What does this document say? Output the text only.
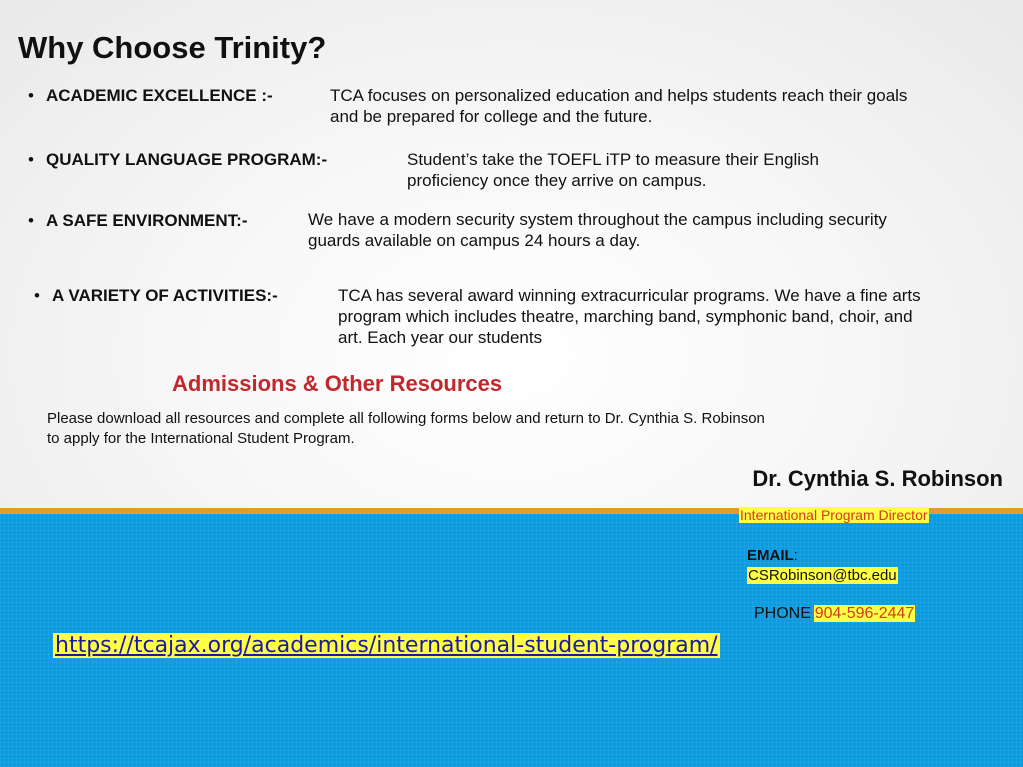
Why Choose Trinity?
• ACADEMIC EXCELLENCE :-	TCA focuses on personalized education and helps students reach their goals
and be prepared for college and the future.
• QUALITY LANGUAGE PROGRAM:-	Student’s take the TOEFL iTP to measure their English
proficiency once they arrive on campus.
• A SAFE ENVIRONMENT:-	We have a modern security system throughout the campus including security
guards available on campus 24 hours a day.
• A VARIETY OF ACTIVITIES:-	TCA has several award winning extracurricular programs. We have a fine arts
program which includes theatre, marching band, symphonic band, choir, and
art. Each year our students
Admissions & Other Resources
Please download all resources and complete all following forms below and return to Dr. Cynthia S. Robinson
to apply for the International Student Program.
Dr. Cynthia S. Robinson
International Program Director
EMAIL:
CSRobinson@tbc.edu
PHONE:904-596-2447
https://tcajax.org/academics/international-student-program/
